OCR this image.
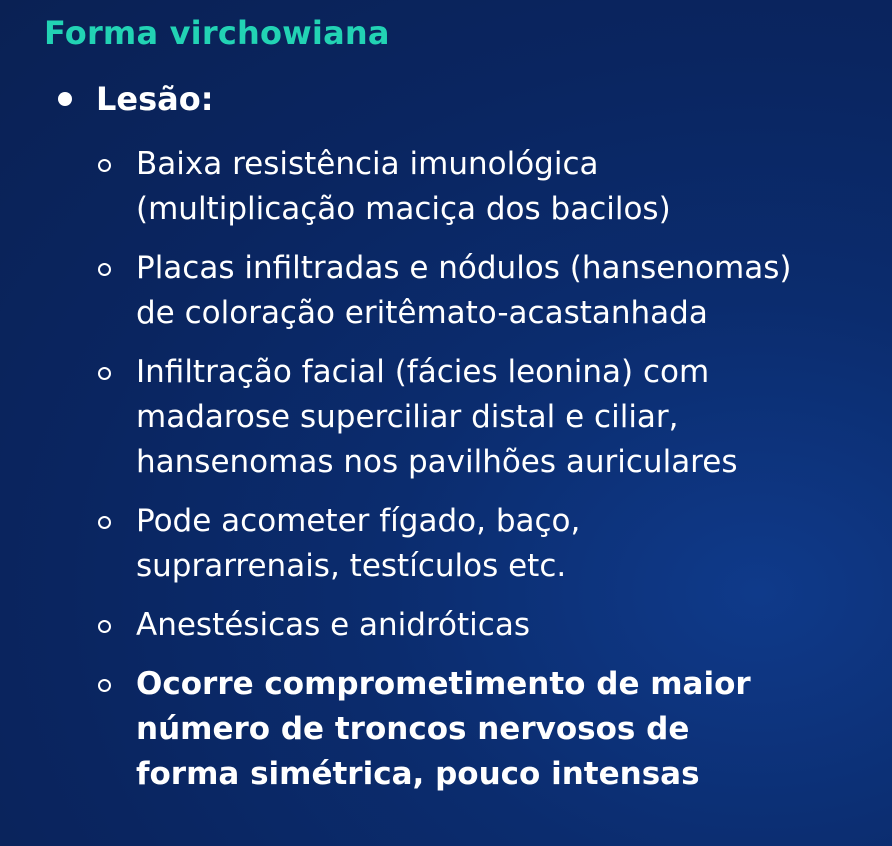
Forma virchowiana
Lesão:
Baixa resistência imunológica
(multiplicação maciça dos bacilos)
Placas infiltradas e nódulos (hansenomas)
de coloração eritêmato-acastanhada
Infiltração facial (fácies leonina) com
madarose superciliar distal e ciliar,
hansenomas nos pavilhões auriculares
Pode acometer fígado, baço,
suprarrenais, testículos etc.
Anestésicas e anidróticas
Ocorre comprometimento de maior
número de troncos nervosos de
forma simétrica, pouco intensas
